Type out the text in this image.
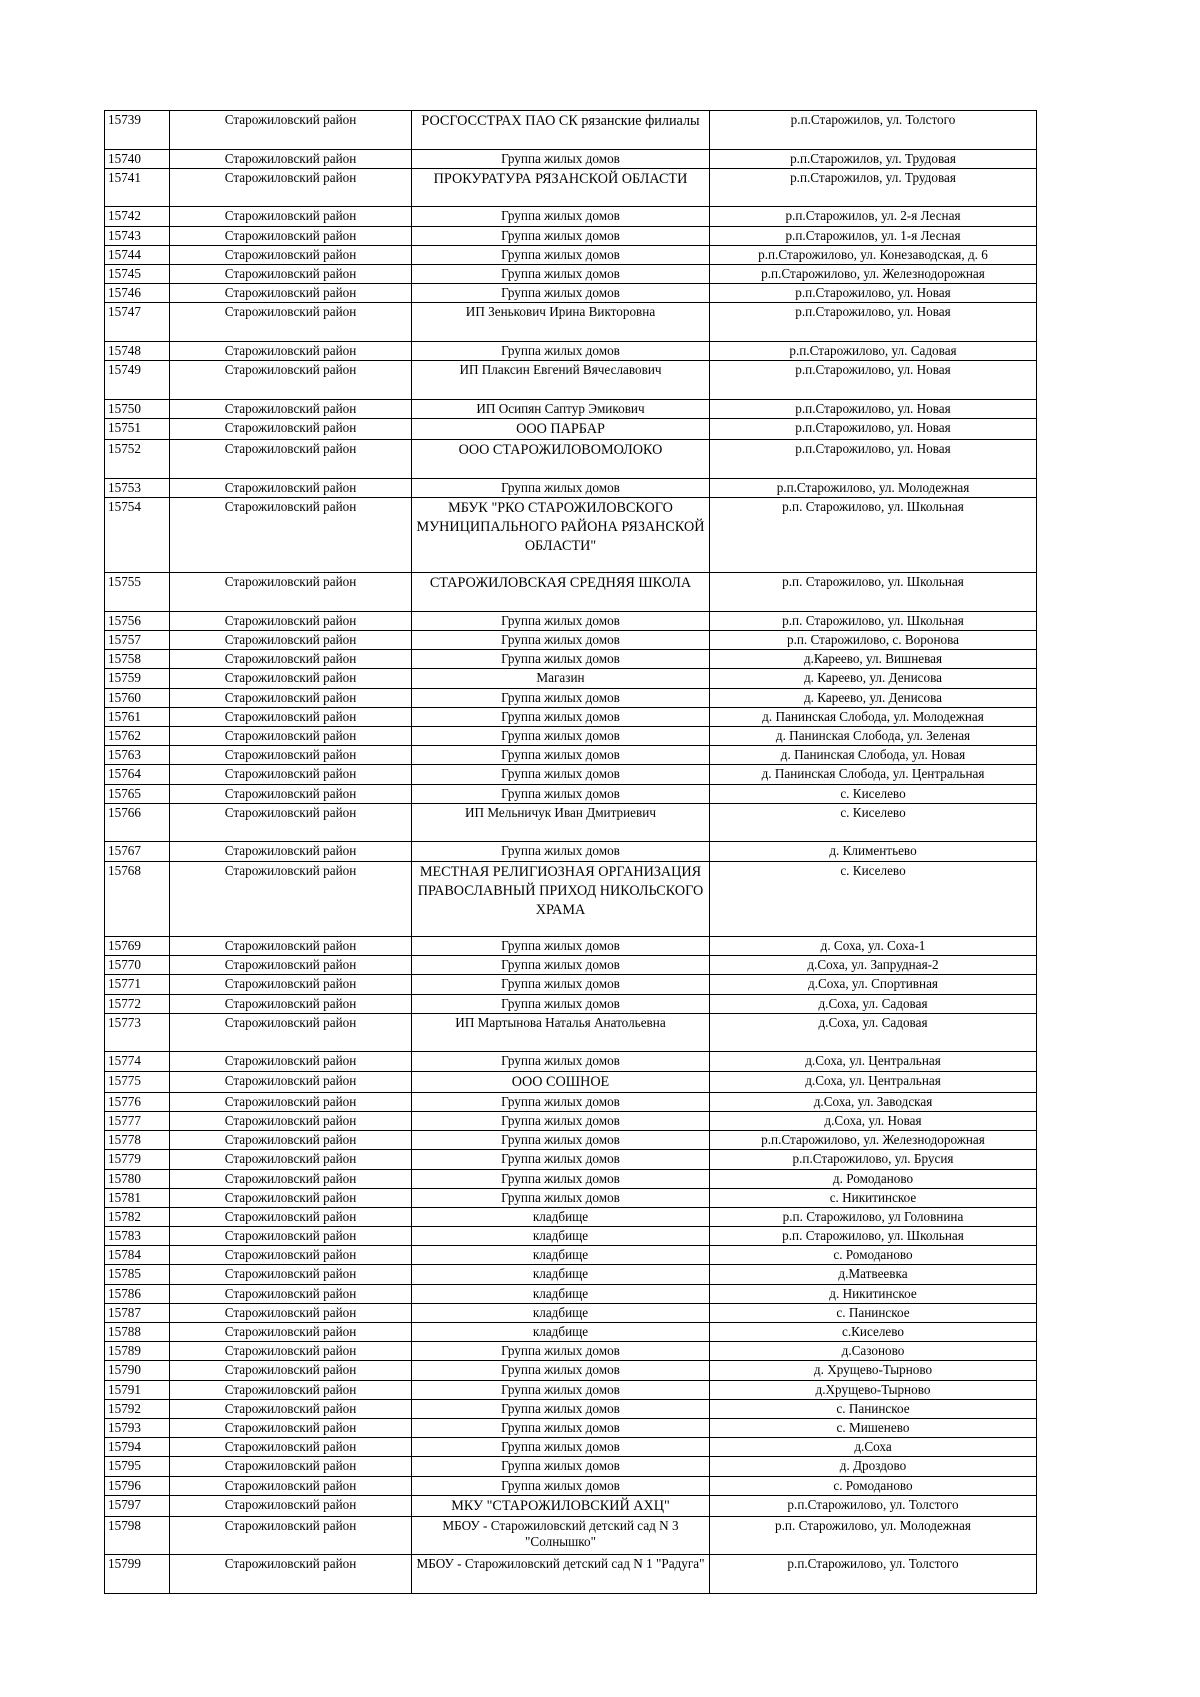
15739	Старожиловский район	РОСГОССТРАХ ПАО СК рязанские филиалы	р.п.Старожилов, ул. Толстого
15740	Старожиловский район	Группа жилых домов	р.п.Старожилов, ул. Трудовая
15741	Старожиловский район	ПРОКУРАТУРА РЯЗАНСКОЙ ОБЛАСТИ	р.п.Старожилов, ул. Трудовая
15742	Старожиловский район	Группа жилых домов	р.п.Старожилов, ул. 2-я Лесная
15743	Старожиловский район	Группа жилых домов	р.п.Старожилов, ул. 1-я Лесная
15744	Старожиловский район	Группа жилых домов	р.п.Старожилово, ул. Конезаводская, д. 6
15745	Старожиловский район	Группа жилых домов	р.п.Старожилово, ул. Железнодорожная
15746	Старожиловский район	Группа жилых домов	р.п.Старожилово, ул. Новая
15747	Старожиловский район	ИП Зенькович Ирина Викторовна	р.п.Старожилово, ул. Новая
15748	Старожиловский район	Группа жилых домов	р.п.Старожилово, ул. Садовая
15749	Старожиловский район	ИП Плаксин Евгений Вячеславович	р.п.Старожилово, ул. Новая
15750	Старожиловский район	ИП Осипян Саптур Эмикович	р.п.Старожилово, ул. Новая
15751	Старожиловский район	ООО ПАРБАР	р.п.Старожилово, ул. Новая
15752	Старожиловский район	ООО СТАРОЖИЛОВОМОЛОКО	р.п.Старожилово, ул. Новая
15753	Старожиловский район	Группа жилых домов	р.п.Старожилово, ул. Молодежная
15754	Старожиловский район	МБУК "РКО СТАРОЖИЛОВСКОГО МУНИЦИПАЛЬНОГО РАЙОНА РЯЗАНСКОЙ ОБЛАСТИ"	р.п. Старожилово, ул. Школьная
15755	Старожиловский район	СТАРОЖИЛОВСКАЯ СРЕДНЯЯ ШКОЛА	р.п. Старожилово, ул. Школьная
15756	Старожиловский район	Группа жилых домов	р.п. Старожилово, ул. Школьная
15757	Старожиловский район	Группа жилых домов	р.п. Старожилово, с. Воронова
15758	Старожиловский район	Группа жилых домов	д.Кареево, ул. Вишневая
15759	Старожиловский район	Магазин	д. Кареево, ул. Денисова
15760	Старожиловский район	Группа жилых домов	д. Кареево, ул. Денисова
15761	Старожиловский район	Группа жилых домов	д. Панинская Слобода, ул. Молодежная
15762	Старожиловский район	Группа жилых домов	д. Панинская Слобода, ул. Зеленая
15763	Старожиловский район	Группа жилых домов	д. Панинская Слобода, ул. Новая
15764	Старожиловский район	Группа жилых домов	д. Панинская Слобода, ул. Центральная
15765	Старожиловский район	Группа жилых домов	с. Киселево
15766	Старожиловский район	ИП Мельничук Иван Дмитриевич	с. Киселево
15767	Старожиловский район	Группа жилых домов	д. Климентьево
15768	Старожиловский район	МЕСТНАЯ РЕЛИГИОЗНАЯ ОРГАНИЗАЦИЯ ПРАВОСЛАВНЫЙ ПРИХОД НИКОЛЬСКОГО ХРАМА	с. Киселево
15769	Старожиловский район	Группа жилых домов	д. Соха, ул. Соха-1
15770	Старожиловский район	Группа жилых домов	д.Соха, ул. Запрудная-2
15771	Старожиловский район	Группа жилых домов	д.Соха, ул. Спортивная
15772	Старожиловский район	Группа жилых домов	д.Соха, ул. Садовая
15773	Старожиловский район	ИП Мартынова Наталья Анатольевна	д.Соха, ул. Садовая
15774	Старожиловский район	Группа жилых домов	д.Соха, ул. Центральная
15775	Старожиловский район	ООО СОШНОЕ	д.Соха, ул. Центральная
15776	Старожиловский район	Группа жилых домов	д.Соха, ул. Заводская
15777	Старожиловский район	Группа жилых домов	д.Соха, ул. Новая
15778	Старожиловский район	Группа жилых домов	р.п.Старожилово, ул. Железнодорожная
15779	Старожиловский район	Группа жилых домов	р.п.Старожилово, ул. Брусия
15780	Старожиловский район	Группа жилых домов	д. Ромоданово
15781	Старожиловский район	Группа жилых домов	с. Никитинское
15782	Старожиловский район	кладбище	р.п. Старожилово, ул Головнина
15783	Старожиловский район	кладбище	р.п. Старожилово, ул. Школьная
15784	Старожиловский район	кладбище	с. Ромоданово
15785	Старожиловский район	кладбище	д.Матвеевка
15786	Старожиловский район	кладбище	д. Никитинское
15787	Старожиловский район	кладбище	с. Панинское
15788	Старожиловский район	кладбище	с.Киселево
15789	Старожиловский район	Группа жилых домов	д.Сазоново
15790	Старожиловский район	Группа жилых домов	д. Хрущево-Тырново
15791	Старожиловский район	Группа жилых домов	д.Хрущево-Тырново
15792	Старожиловский район	Группа жилых домов	с. Панинское
15793	Старожиловский район	Группа жилых домов	с. Мишенево
15794	Старожиловский район	Группа жилых домов	д.Соха
15795	Старожиловский район	Группа жилых домов	д. Дроздово
15796	Старожиловский район	Группа жилых домов	с. Ромоданово
15797	Старожиловский район	МКУ "СТАРОЖИЛОВСКИЙ АХЦ"	р.п.Старожилово, ул. Толстого
15798	Старожиловский район	МБОУ - Старожиловский детский сад N 3 "Солнышко"	р.п. Старожилово, ул. Молодежная
15799	Старожиловский район	МБОУ - Старожиловский детский сад N 1 "Радуга"	р.п.Старожилово, ул. Толстого
